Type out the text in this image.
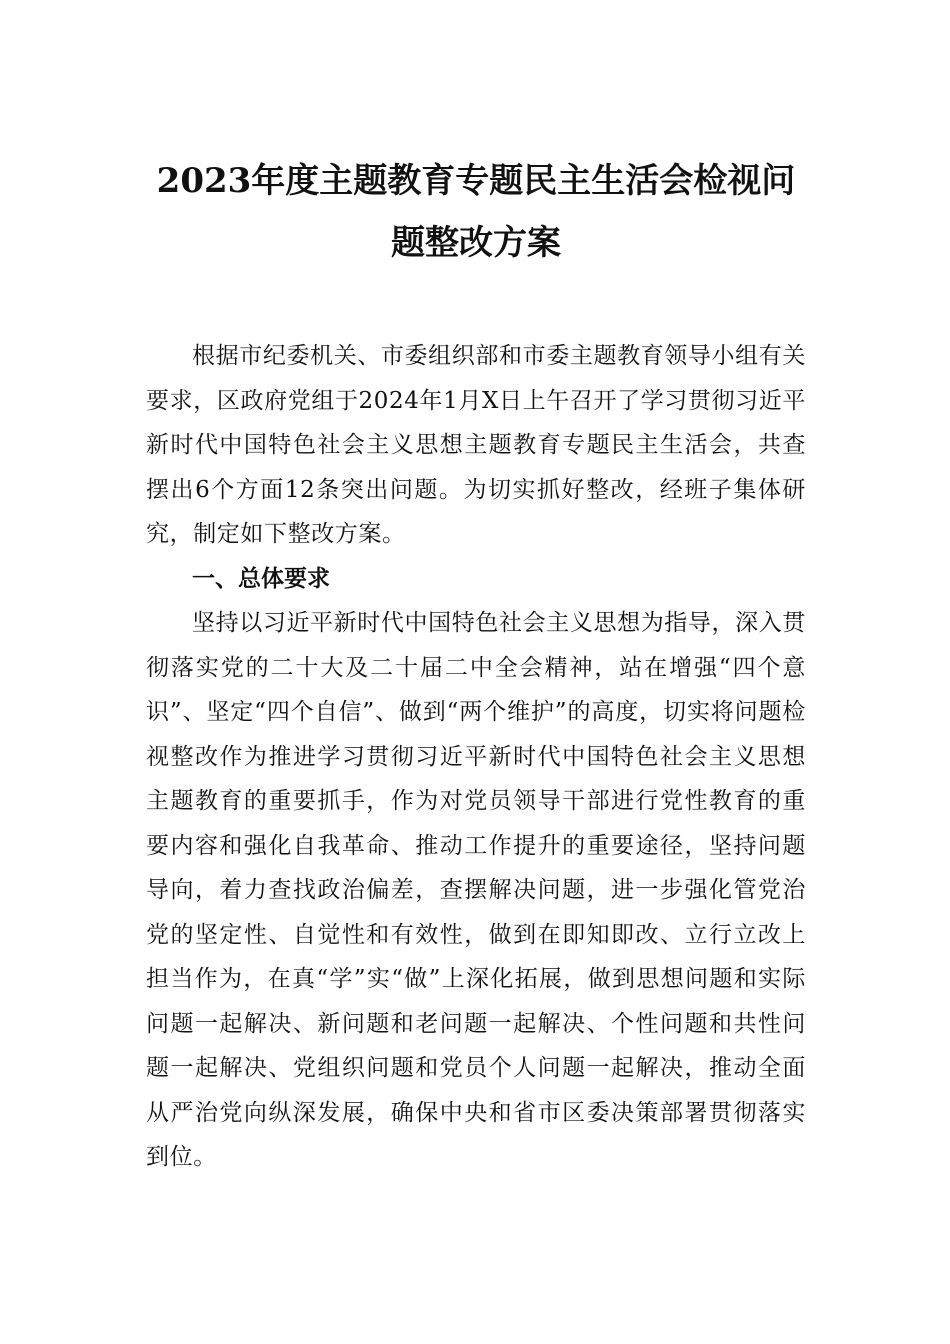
2023年度主题教育专题民主生活会检视问
题整改方案

根据市纪委机关、市委组织部和市委主题教育领导小组有关要求，区政府党组于2024年1月X日上午召开了学习贯彻习近平新时代中国特色社会主义思想主题教育专题民主生活会，共查摆出6个方面12条突出问题。为切实抓好整改，经班子集体研究，制定如下整改方案。

一、总体要求

坚持以习近平新时代中国特色社会主义思想为指导，深入贯彻落实党的二十大及二十届二中全会精神，站在增强“四个意识”、坚定“四个自信”、做到“两个维护”的高度，切实将问题检视整改作为推进学习贯彻习近平新时代中国特色社会主义思想主题教育的重要抓手，作为对党员领导干部进行党性教育的重要内容和强化自我革命、推动工作提升的重要途径，坚持问题导向，着力查找政治偏差，查摆解决问题，进一步强化管党治党的坚定性、自觉性和有效性，做到在即知即改、立行立改上担当作为，在真“学”实“做”上深化拓展，做到思想问题和实际问题一起解决、新问题和老问题一起解决、个性问题和共性问题一起解决、党组织问题和党员个人问题一起解决，推动全面从严治党向纵深发展，确保中央和省市区委决策部署贯彻落实到位。
